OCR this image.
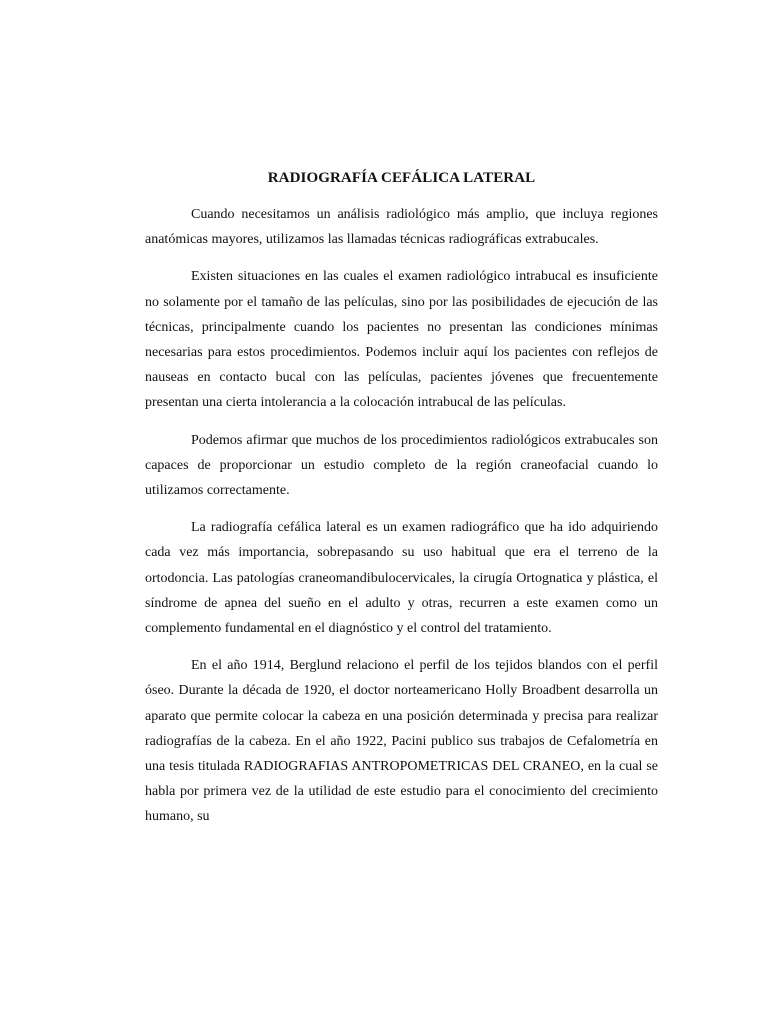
RADIOGRAFÍA CEFÁLICA LATERAL

Cuando necesitamos un análisis radiológico más amplio, que incluya regiones anatómicas mayores, utilizamos las llamadas técnicas radiográficas extrabucales.

Existen situaciones en las cuales el examen radiológico intrabucal es insuficiente no solamente por el tamaño de las películas, sino por las posibilidades de ejecución de las técnicas, principalmente cuando los pacientes no presentan las condiciones mínimas necesarias para estos procedimientos. Podemos incluir aquí los pacientes con reflejos de nauseas en contacto bucal con las películas, pacientes jóvenes que frecuentemente presentan una cierta intolerancia a la colocación intrabucal de las películas.

Podemos afirmar que muchos de los procedimientos radiológicos extrabucales son capaces de proporcionar un estudio completo de la región craneofacial cuando lo utilizamos correctamente.

La radiografía cefálica lateral es un examen radiográfico que ha ido adquiriendo cada vez más importancia, sobrepasando su uso habitual que era el terreno de la ortodoncia. Las patologías craneomandibulocervicales, la cirugía Ortognatica y plástica, el síndrome de apnea del sueño en el adulto y otras, recurren a este examen como un complemento fundamental en el diagnóstico y el control del tratamiento.

En el año 1914, Berglund relaciono el perfil de los tejidos blandos con el perfil óseo. Durante la década de 1920, el doctor norteamericano Holly Broadbent desarrolla un aparato que permite colocar la cabeza en una posición determinada y precisa para realizar radiografías de la cabeza. En el año 1922, Pacini publico sus trabajos de Cefalometría en una tesis titulada RADIOGRAFIAS ANTROPOMETRICAS DEL CRANEO, en la cual se habla por primera vez de la utilidad de este estudio para el conocimiento del crecimiento humano, su
